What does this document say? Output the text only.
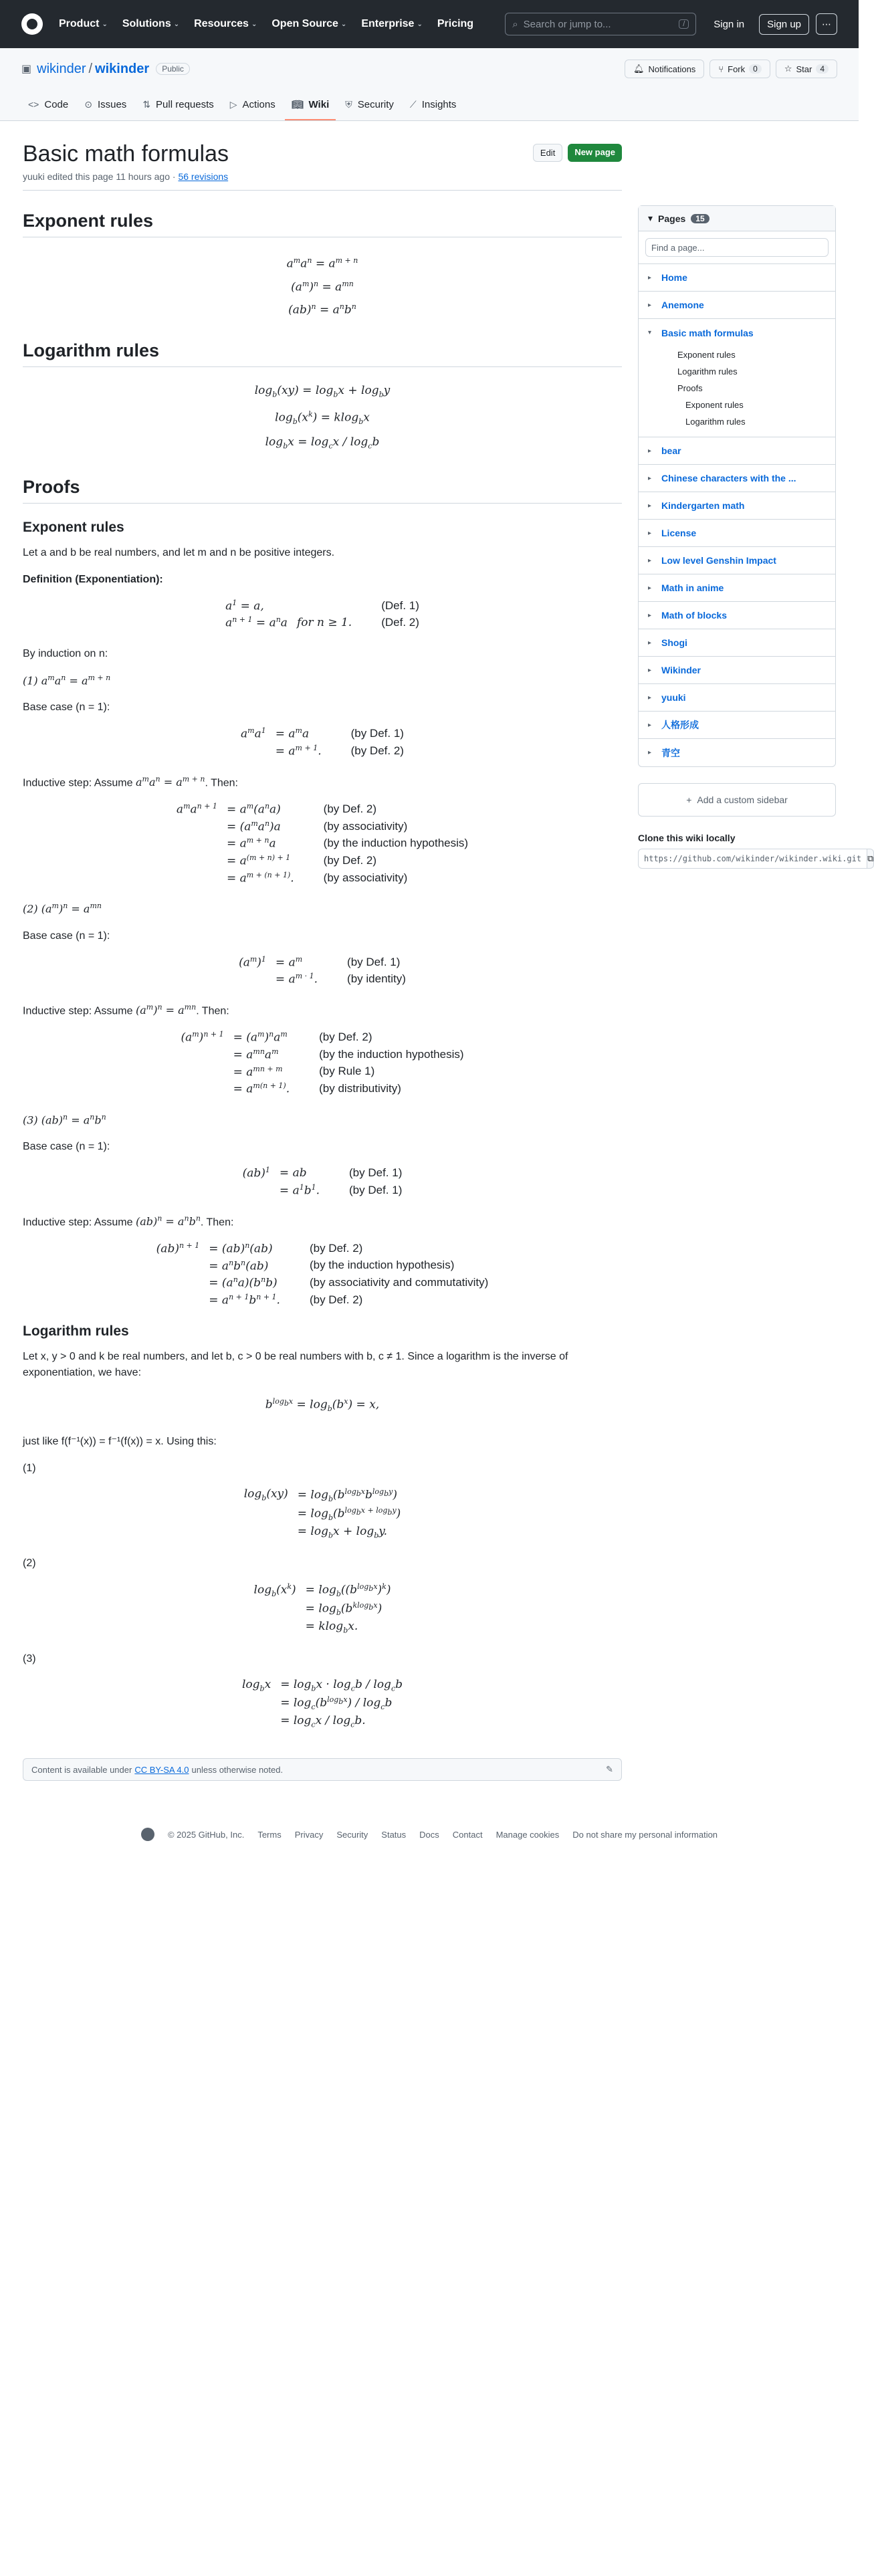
Product ⌄ Solutions ⌄ Resources ⌄ Open Source ⌄ Enterprise ⌄ Pricing	⌕ Search or jump to...	/	Sign in	Sign up	⋯
▣ wikinder / wikinder	Public	🔔︎ Notifications	⑂ Fork	0	☆ Star	4
<> Code ⊙ Issues ⇅ Pull requests ▷ Actions 📖︎ Wiki ⛨ Security ⟋ Insights
Basic math formulas
yuuki edited this page 11 hours ago · 56 revisions
Edit	New page
Exponent rules
$a^ma^n = a^{m + n}$
$(a^m)^n = a^{mn}$
$(ab)^n = a^nb^n$
Logarithm rules
$\log_b(xy) = \log_bx + \log_by$
$\log_b(x^k) = klog_bx$
$\log_bx = \log_cx / \log_cb$
Proofs
Exponent rules

Let a and b be real numbers, and let m and n be positive integers.

Definition (Exponentiation):

$a^1 = a$,	(Def. 1)
$a^{n + 1} = a^na$ for n ≥ 1.	(Def. 2)

By induction on n:

(1) $a^ma^n = a^{m + n}$

Base case (n = 1):

$a^ma^1 = a^ma$	(by Def. 1)
= $a^{m + 1}$.	(by Def. 2)

Inductive step: Assume $a^ma^n = a^{m + n}$. Then:

$a^ma^{n + 1} = a^m(a^na)$	(by Def. 2)
= $(a^ma^n)a$	(by associativity)
= $a^{m + n}a$	(by the induction hypothesis)
= $a^{(m + n) + 1}$	(by Def. 2)
= $a^{m + (n + 1)}$.	(by associativity)

(2) $(a^m)^n = a^{mn}$

Base case (n = 1):

$(a^m)^1 = a^m$	(by Def. 1)
= $a^{m \cdot 1}$.	(by identity)

Inductive step: Assume $(a^m)^n = a^{mn}$. Then:

$(a^m)^{n + 1} = (a^m)^na^m$	(by Def. 2)
= $a^{mn}a^m$	(by the induction hypothesis)
= $a^{mn + m}$	(by Rule 1)
= $a^{m(n + 1)}$.	(by distributivity)

(3) $(ab)^n = a^nb^n$

Base case (n = 1):

(ab)$^1$ = ab	(by Def. 1)
= $a^1b^1$.	(by Def. 1)

Inductive step: Assume $(ab)^n = a^nb^n$. Then:

(ab)$^{n + 1}$ = (ab)$^n$(ab)	(by Def. 2)
= $a^nb^n(ab)$	(by the induction hypothesis)
= $(a^na)(b^nb)$	(by associativity and commutativity)
= $a^{n + 1}b^{n + 1}$.	(by Def. 2)
Logarithm rules

Let x, y > 0 and k be real numbers, and let b, c > 0 be real numbers with b, c ≠ 1. Since a logarithm is the inverse of exponentiation, we have:

$b^{log_bx} = \log_b(b^x) = x$,

just like f(f⁻¹(x)) = f⁻¹(f(x)) = x. Using this:

(1)

$\log_b(xy) = \log_b(b^{log_bx}b^{log_by})$
= $\log_b(b^{log_bx + log_by})$
= $\log_bx + \log_by$.

(2)

$\log_b(x^k) = \log_b((b^{log_bx})^k)$
= $\log_b(b^{klog_bx})$
= klog$_b$x.

(3)

$\log_bx = \log_bx \cdot \log_cb / \log_cb$
= $\log_c(b^{log_bx}) / \log_cb$
= $\log_cx / \log_cb$.
Content is available under CC BY-SA 4.0 unless otherwise noted.	✎
▾ Pages	15
Find a page...
▸	Home
▸	Anemone
▾	Basic math formulas
Exponent rules
Logarithm rules
Proofs
Exponent rules
Logarithm rules
▸	bear
▸	Chinese characters with the ...
▸	Kindergarten math
▸	License
▸	Low level Genshin Impact
▸	Math in anime
▸	Math of blocks
▸	Shogi
▸	Wikinder
▸	yuuki
▸	人格形成
▸	青空
+ Add a custom sidebar
Clone this wiki locally
https://github.com/wikinder/wikinder.wiki.git ⧉
© 2025 GitHub, Inc. Terms Privacy Security Status Docs Contact Manage cookies Do not share my personal information
